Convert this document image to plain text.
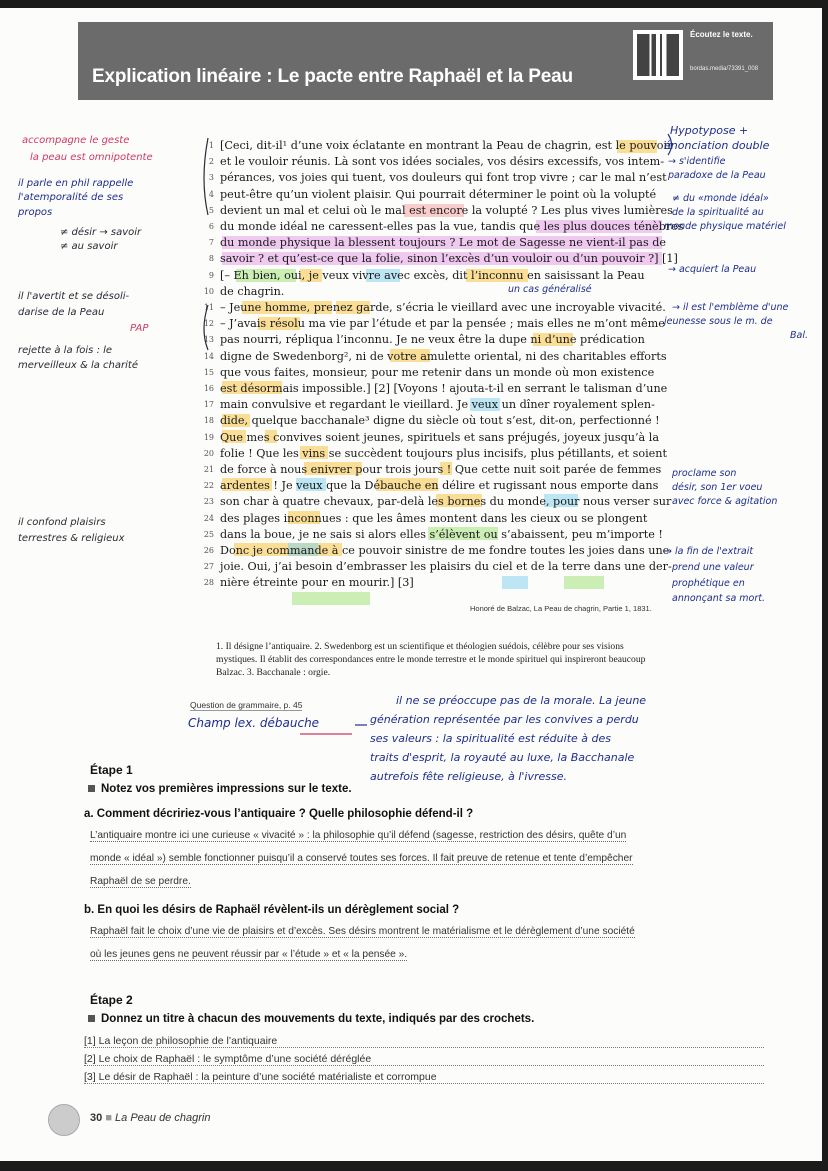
Explication linéaire : Le pacte entre Raphaël et la Peau
Écoutez le texte.
bordas.media/73391_008
1 [Ceci, dit-il¹ d’une voix éclatante en montrant la Peau de chagrin, est le pouvoir
2 et le vouloir réunis. Là sont vos idées sociales, vos désirs excessifs, vos intem-
3 pérances, vos joies qui tuent, vos douleurs qui font trop vivre ; car le mal n’est
4 peut-être qu’un violent plaisir. Qui pourrait déterminer le point où la volupté
5 devient un mal et celui où le mal est encore la volupté ? Les plus vives lumières
6 du monde idéal ne caressent-elles pas la vue, tandis que les plus douces ténèbres
7 du monde physique la blessent toujours ? Le mot de Sagesse ne vient-il pas de
8 savoir ? et qu’est-ce que la folie, sinon l’excès d’un vouloir ou d’un pouvoir ?] [1]
9 [– Eh bien, oui, je veux vivre avec excès, dit l’inconnu en saisissant la Peau
10 de chagrin.
11 – Jeune homme, prenez garde, s’écria le vieillard avec une incroyable vivacité.
12 – J’avais résolu ma vie par l’étude et par la pensée ; mais elles ne m’ont même
13 pas nourri, répliqua l’inconnu. Je ne veux être la dupe ni d’une prédication
14 digne de Swedenborg², ni de votre amulette oriental, ni des charitables efforts
15 que vous faites, monsieur, pour me retenir dans un monde où mon existence
16 est désormais impossible.] [2] [Voyons ! ajouta-t-il en serrant le talisman d’une
17 main convulsive et regardant le vieillard. Je veux un dîner royalement splen-
18 dide, quelque bacchanale³ digne du siècle où tout s’est, dit-on, perfectionné !
19 Que mes convives soient jeunes, spirituels et sans préjugés, joyeux jusqu’à la
20 folie ! Que les vins se succèdent toujours plus incisifs, plus pétillants, et soient
21 de force à nous enivrer pour trois jours ! Que cette nuit soit parée de femmes
22 ardentes ! Je veux que la Débauche en délire et rugissant nous emporte dans
23 son char à quatre chevaux, par-delà les bornes du monde, pour nous verser sur
24 des plages inconnues : que les âmes montent dans les cieux ou se plongent
25 dans la boue, je ne sais si alors elles s’élèvent ou s’abaissent, peu m’importe !
26 Donc je commande à ce pouvoir sinistre de me fondre toutes les joies dans une
27 joie. Oui, j’ai besoin d’embrasser les plaisirs du ciel et de la terre dans une der-
28 nière étreinte pour en mourir.] [3]
Honoré de Balzac, La Peau de chagrin, Partie 1, 1831.
1. Il désigne l’antiquaire. 2. Swedenborg est un scientifique et théologien suédois, célèbre pour ses visions mystiques. Il établit des correspondances entre le monde terrestre et le monde spirituel qui inspireront beaucoup Balzac. 3. Bacchanale : orgie.
accompagne le geste
la peau est omnipotente
il parle en phil rappelle
l'atemporalité de ses
propos
≠ désir → savoir
≠ au savoir
il l'avertit et se désoli-
darise de la Peau
PAP
rejette à la fois : le
merveilleux & la charité
il confond plaisirs
terrestres & religieux
Hypotypose +
énonciation double
→ s'identifie
paradoxe de la Peau
≠ du «monde idéal»
de la spiritualité au
monde physique matériel
→ acquiert la Peau
un cas généralisé
→ il est l'emblème d'une
jeunesse sous le m. de
Bal.
proclame son
désir, son 1er voeu
avec force & agitation
→ la fin de l'extrait
prend une valeur
prophétique en
annonçant sa mort.
Question de grammaire, p. 45
Champ lex. débauche
il ne se préoccupe pas de la morale. La jeune
génération représentée par les convives a perdu
ses valeurs : la spiritualité est réduite à des
traits d'esprit, la royauté au luxe, la Bacchanale
autrefois fête religieuse, à l'ivresse.
Étape 1
Notez vos premières impressions sur le texte.
a. Comment décririez-vous l’antiquaire ? Quelle philosophie défend-il ?
L’antiquaire montre ici une curieuse « vivacité » : la philosophie qu’il défend (sagesse, restriction des désirs, quête d’un
monde « idéal ») semble fonctionner puisqu’il a conservé toutes ses forces. Il fait preuve de retenue et tente d’empêcher
Raphaël de se perdre.
b. En quoi les désirs de Raphaël révèlent-ils un dérèglement social ?
Raphaël fait le choix d’une vie de plaisirs et d’excès. Ses désirs montrent le matérialisme et le dérèglement d’une société
où les jeunes gens ne peuvent réussir par « l’étude » et « la pensée ».
Étape 2
Donnez un titre à chacun des mouvements du texte, indiqués par des crochets.
[1] La leçon de philosophie de l’antiquaire
[2] Le choix de Raphaël : le symptôme d’une société déréglée
[3] Le désir de Raphaël : la peinture d’une société matérialiste et corrompue
30 ■ La Peau de chagrin
